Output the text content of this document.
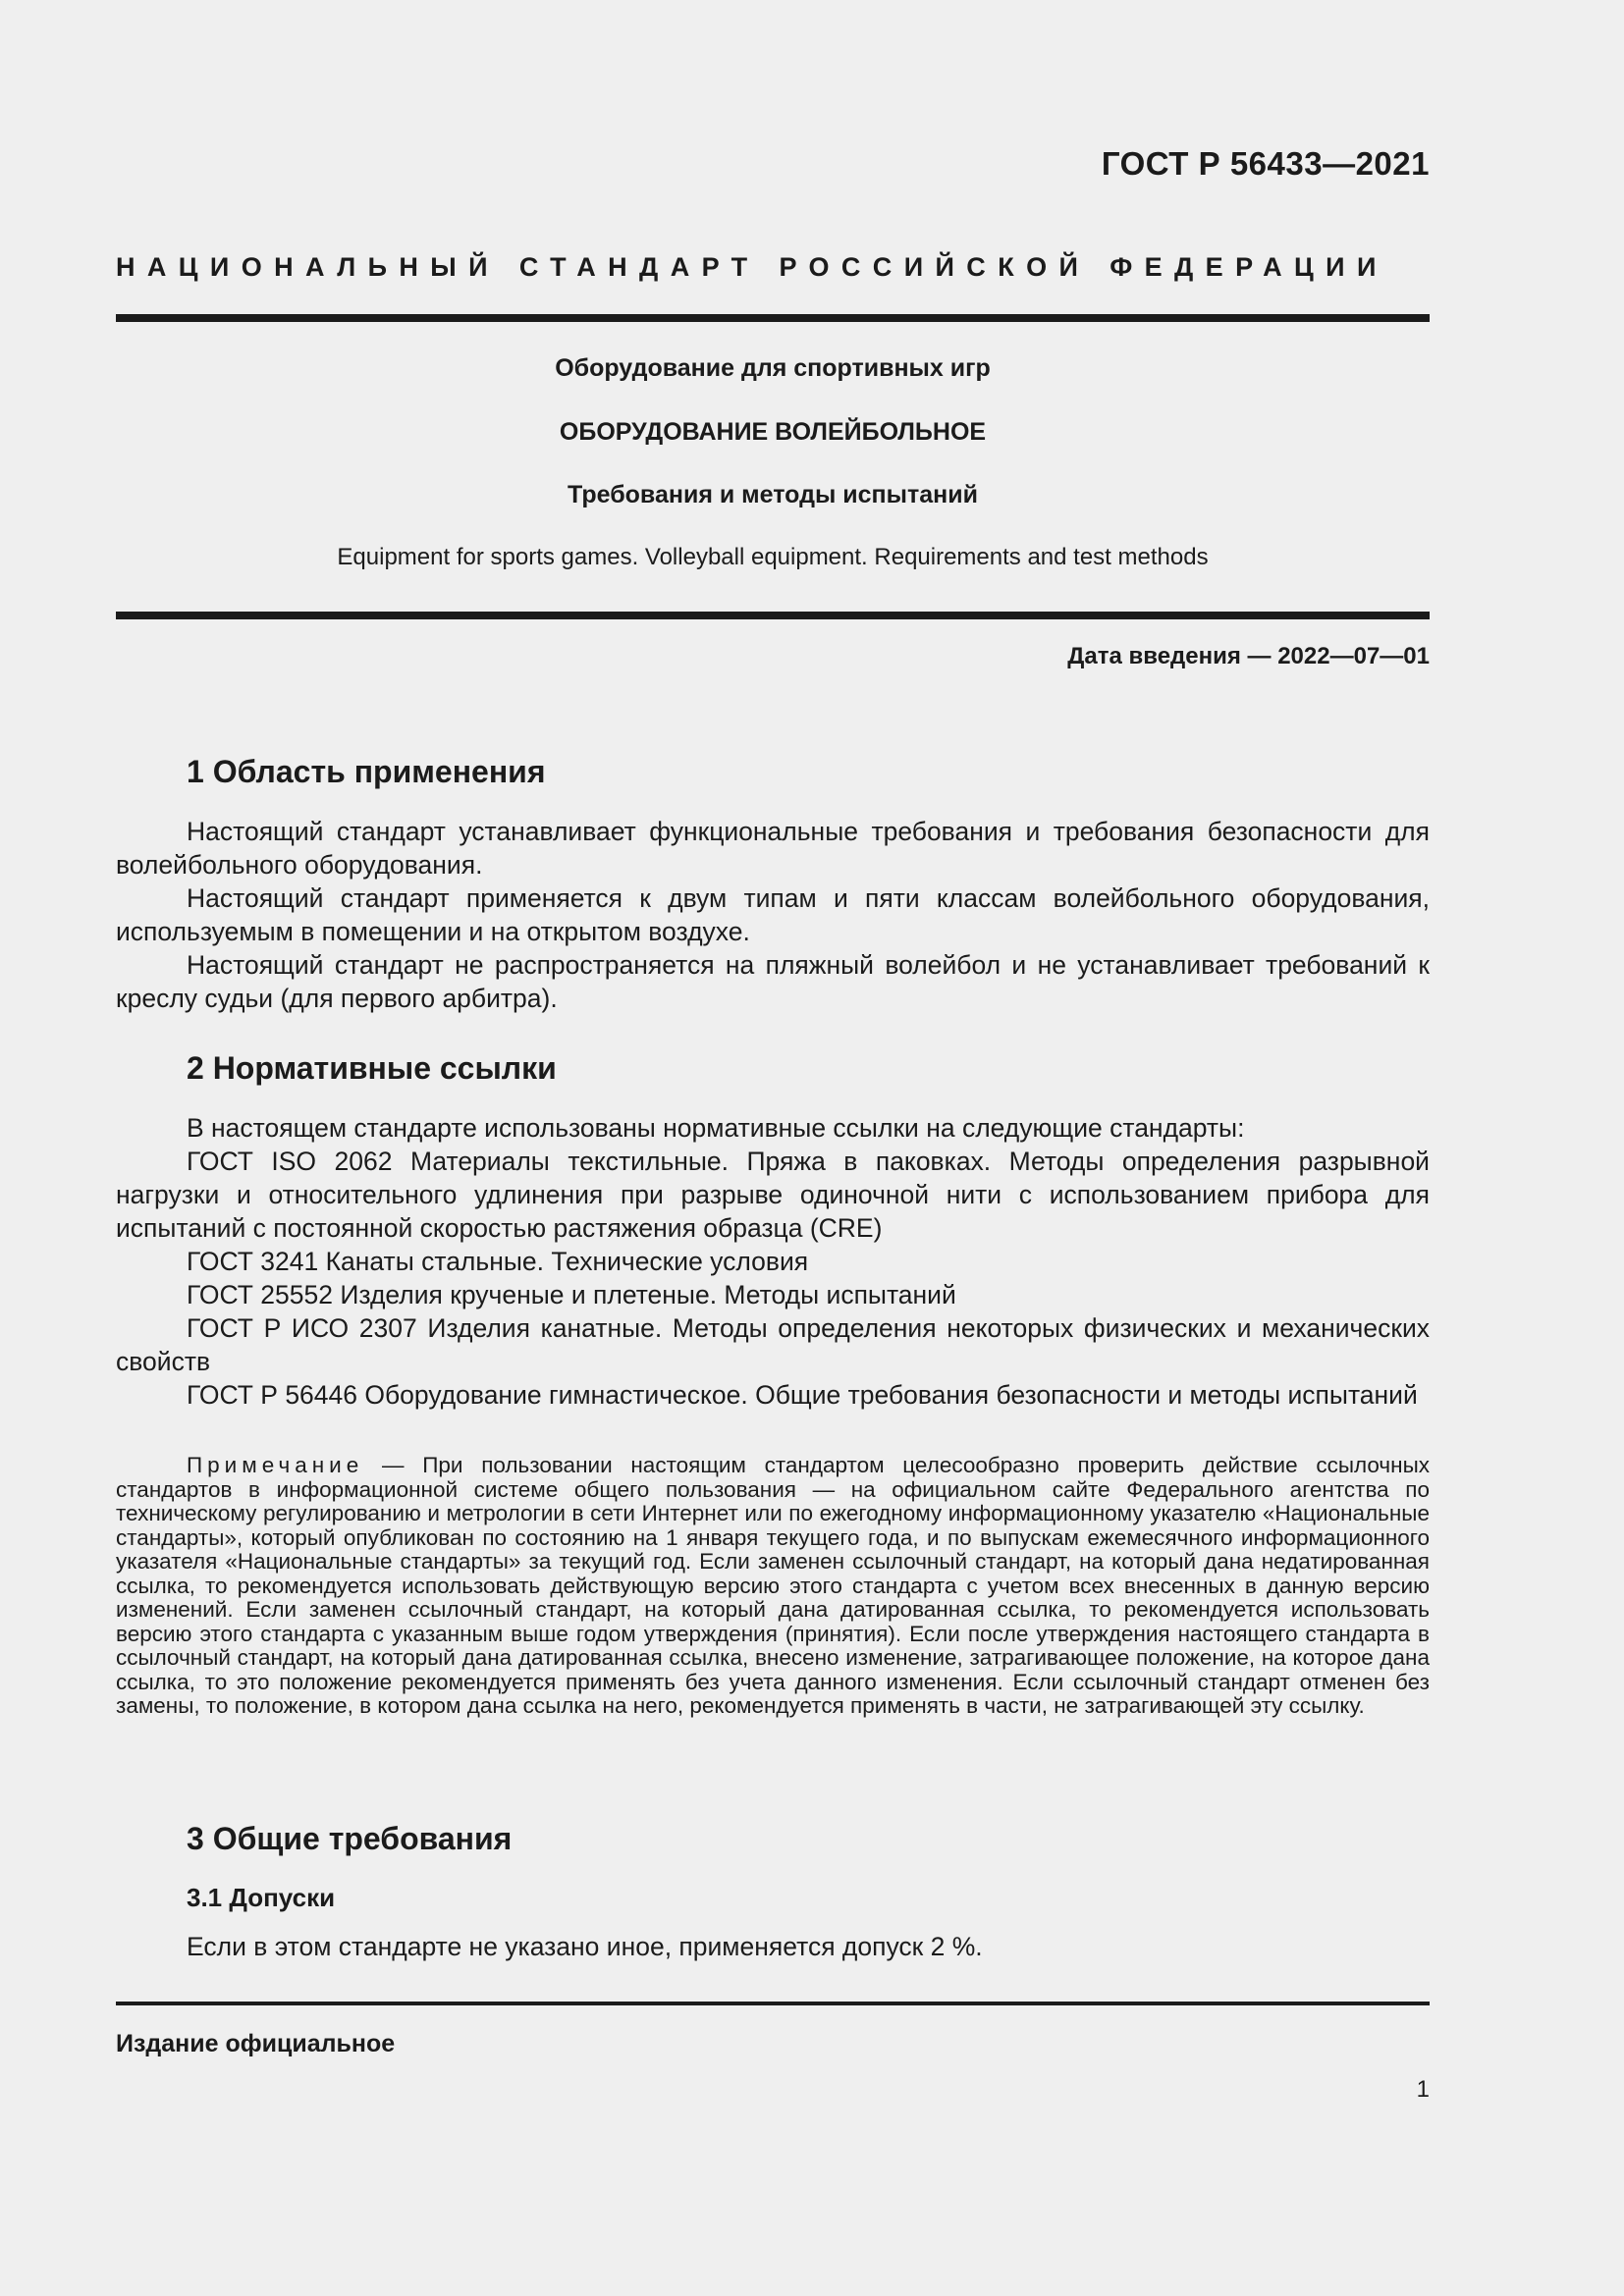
ГОСТ Р 56433—2021
НАЦИОНАЛЬНЫЙ СТАНДАРТ РОССИЙСКОЙ ФЕДЕРАЦИИ
Оборудование для спортивных игр
ОБОРУДОВАНИЕ ВОЛЕЙБОЛЬНОЕ
Требования и методы испытаний
Equipment for sports games. Volleyball equipment. Requirements and test methods
Дата введения — 2022—07—01
1 Область применения

Настоящий стандарт устанавливает функциональные требования и требования безопасности для волейбольного оборудования.

Настоящий стандарт применяется к двум типам и пяти классам волейбольного оборудования, используемым в помещении и на открытом воздухе.

Настоящий стандарт не распространяется на пляжный волейбол и не устанавливает требований к креслу судьи (для первого арбитра).

2 Нормативные ссылки

В настоящем стандарте использованы нормативные ссылки на следующие стандарты:

ГОСТ ISO 2062 Материалы текстильные. Пряжа в паковках. Методы определения разрывной нагрузки и относительного удлинения при разрыве одиночной нити с использованием прибора для испытаний с постоянной скоростью растяжения образца (CRE)

ГОСТ 3241 Канаты стальные. Технические условия

ГОСТ 25552 Изделия крученые и плетеные. Методы испытаний

ГОСТ Р ИСО 2307 Изделия канатные. Методы определения некоторых физических и механических свойств

ГОСТ Р 56446 Оборудование гимнастическое. Общие требования безопасности и методы испытаний

Примечание — При пользовании настоящим стандартом целесообразно проверить действие ссылочных стандартов в информационной системе общего пользования — на официальном сайте Федерального агентства по техническому регулированию и метрологии в сети Интернет или по ежегодному информационному указателю «Национальные стандарты», который опубликован по состоянию на 1 января текущего года, и по выпускам ежемесячного информационного указателя «Национальные стандарты» за текущий год. Если заменен ссылочный стандарт, на который дана недатированная ссылка, то рекомендуется использовать действующую версию этого стандарта с учетом всех внесенных в данную версию изменений. Если заменен ссылочный стандарт, на который дана датированная ссылка, то рекомендуется использовать версию этого стандарта с указанным выше годом утверждения (принятия). Если после утверждения настоящего стандарта в ссылочный стандарт, на который дана датированная ссылка, внесено изменение, затрагивающее положение, на которое дана ссылка, то это положение рекомендуется применять без учета данного изменения. Если ссылочный стандарт отменен без замены, то положение, в котором дана ссылка на него, рекомендуется применять в части, не затрагивающей эту ссылку.

3 Общие требования
3.1 Допуски

Если в этом стандарте не указано иное, применяется допуск 2 %.

Издание официальное
1
